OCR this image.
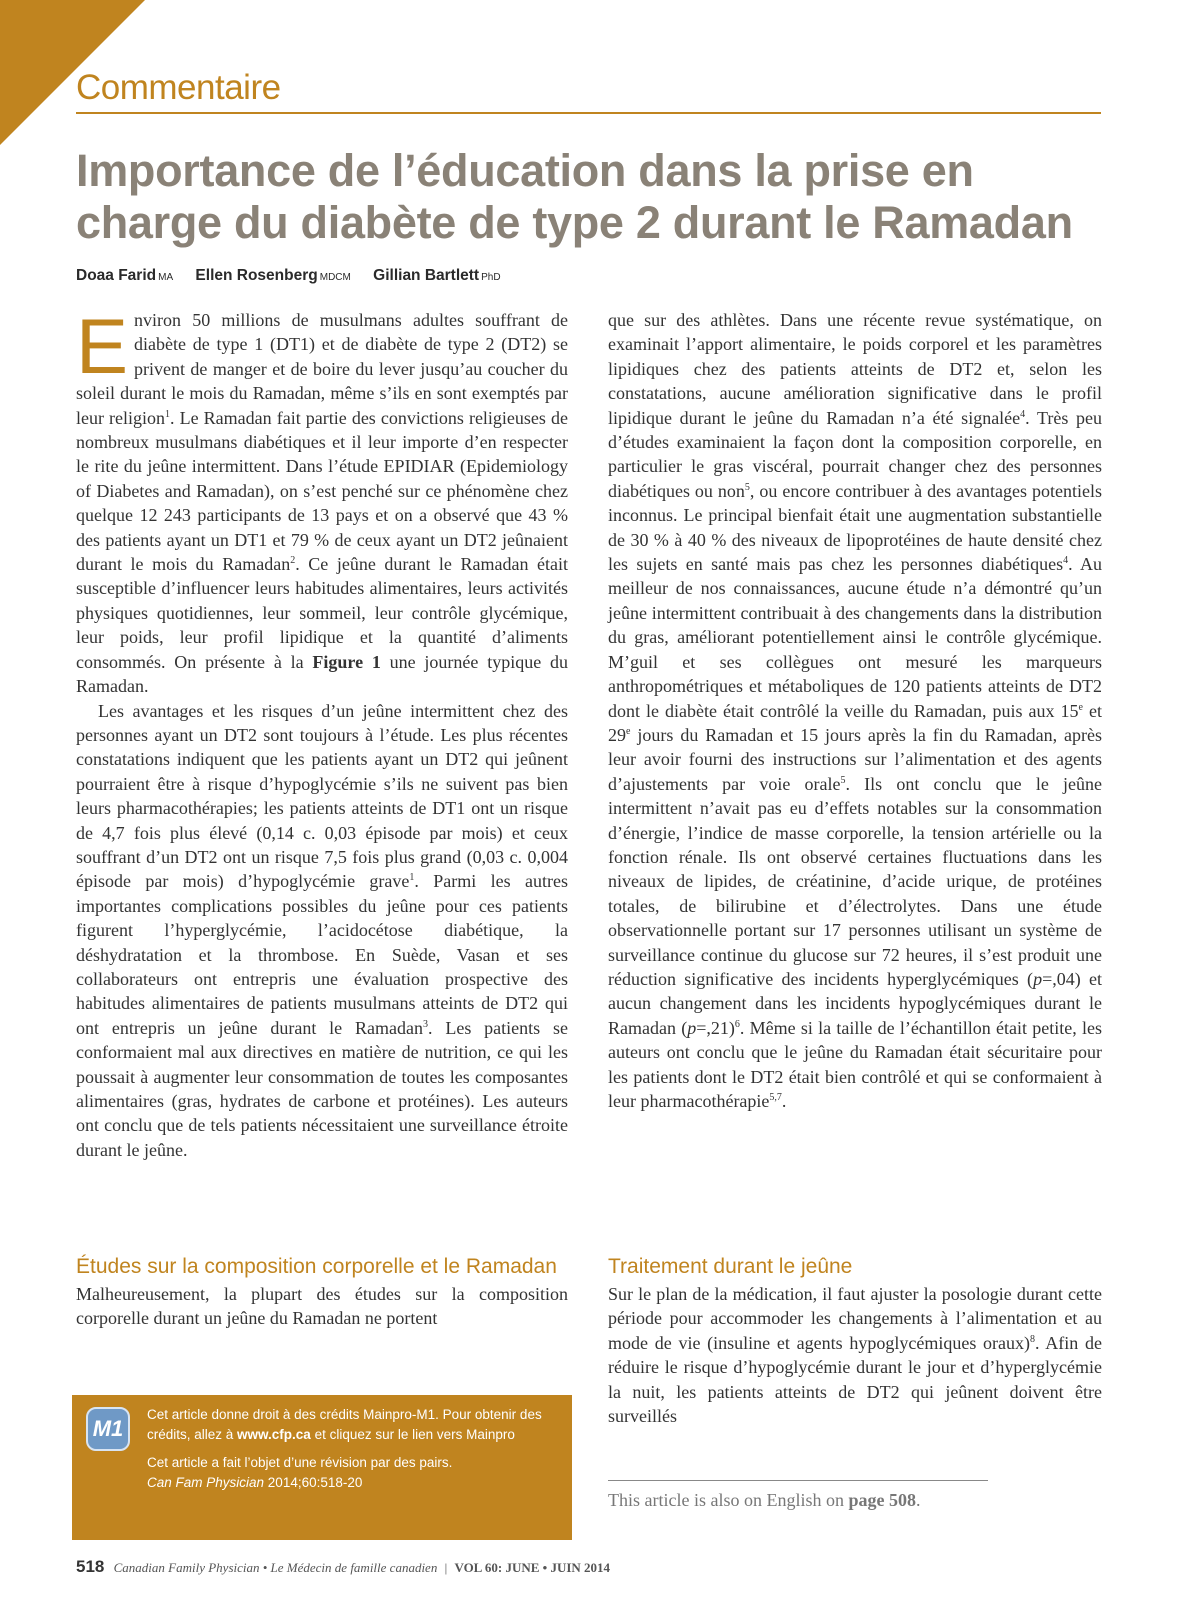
Commentaire
Importance de l’éducation dans la prise en charge du diabète de type 2 durant le Ramadan
Doaa Farid MA Ellen Rosenberg MDCM Gillian Bartlett PhD

Environ 50 millions de musulmans adultes souffrant de diabète de type 1 (DT1) et de diabète de type 2 (DT2) se privent de manger et de boire du lever jusqu’au coucher du soleil durant le mois du Ramadan, même s’ils en sont exemptés par leur religion$^1$. Le Ramadan fait partie des convictions religieuses de nombreux musulmans diabétiques et il leur importe d’en respecter le rite du jeûne intermittent. Dans l’étude EPIDIAR (Epidemiology of Diabetes and Ramadan), on s’est penché sur ce phénomène chez quelque 12 243 participants de 13 pays et on a observé que 43 % des patients ayant un DT1 et 79 % de ceux ayant un DT2 jeûnaient durant le mois du Ramadan$^2$. Ce jeûne durant le Ramadan était susceptible d’influencer leurs habitudes alimentaires, leurs activités physiques quotidiennes, leur sommeil, leur contrôle glycémique, leur poids, leur profil lipidique et la quantité d’aliments consommés. On présente à la Figure 1 une journée typique du Ramadan.

Les avantages et les risques d’un jeûne intermittent chez des personnes ayant un DT2 sont toujours à l’étude. Les plus récentes constatations indiquent que les patients ayant un DT2 qui jeûnent pourraient être à risque d’hypoglycémie s’ils ne suivent pas bien leurs pharmacothérapies; les patients atteints de DT1 ont un risque de 4,7 fois plus élevé (0,14 c. 0,03 épisode par mois) et ceux souffrant d’un DT2 ont un risque 7,5 fois plus grand (0,03 c. 0,004 épisode par mois) d’hypoglycémie grave$^1$. Parmi les autres importantes complications possibles du jeûne pour ces patients figurent l’hyperglycémie, l’acidocétose diabétique, la déshydratation et la thrombose. En Suède, Vasan et ses collaborateurs ont entrepris une évaluation prospective des habitudes alimentaires de patients musulmans atteints de DT2 qui ont entrepris un jeûne durant le Ramadan$^3$. Les patients se conformaient mal aux directives en matière de nutrition, ce qui les poussait à augmenter leur consommation de toutes les composantes alimentaires (gras, hydrates de carbone et protéines). Les auteurs ont conclu que de tels patients nécessitaient une surveillance étroite durant le jeûne.

Études sur la composition corporelle et le Ramadan
Malheureusement, la plupart des études sur la composition corporelle durant un jeûne du Ramadan ne portent
M1

Cet article donne droit à des crédits Mainpro-M1. Pour obtenir des crédits, allez à www.cfp.ca et cliquez sur le lien vers Mainpro

Cet article a fait l’objet d’une révision par des pairs.
Can Fam Physician 2014;60:518-20

que sur des athlètes. Dans une récente revue systématique, on examinait l’apport alimentaire, le poids corporel et les paramètres lipidiques chez des patients atteints de DT2 et, selon les constatations, aucune amélioration significative dans le profil lipidique durant le jeûne du Ramadan n’a été signalée$^4$. Très peu d’études examinaient la façon dont la composition corporelle, en particulier le gras viscéral, pourrait changer chez des personnes diabétiques ou non$^5$, ou encore contribuer à des avantages potentiels inconnus. Le principal bienfait était une augmentation substantielle de 30 % à 40 % des niveaux de lipoprotéines de haute densité chez les sujets en santé mais pas chez les personnes diabétiques$^4$. Au meilleur de nos connaissances, aucune étude n’a démontré qu’un jeûne intermittent contribuait à des changements dans la distribution du gras, améliorant potentiellement ainsi le contrôle glycémique. M’guil et ses collègues ont mesuré les marqueurs anthropométriques et métaboliques de 120 patients atteints de DT2 dont le diabète était contrôlé la veille du Ramadan, puis aux 15e et 29e jours du Ramadan et 15 jours après la fin du Ramadan, après leur avoir fourni des instructions sur l’alimentation et des agents d’ajustements par voie orale$^5$. Ils ont conclu que le jeûne intermittent n’avait pas eu d’effets notables sur la consommation d’énergie, l’indice de masse corporelle, la tension artérielle ou la fonction rénale. Ils ont observé certaines fluctuations dans les niveaux de lipides, de créatinine, d’acide urique, de protéines totales, de bilirubine et d’électrolytes. Dans une étude observationnelle portant sur 17 personnes utilisant un système de surveillance continue du glucose sur 72 heures, il s’est produit une réduction significative des incidents hyperglycémiques (p=,04) et aucun changement dans les incidents hypoglycémiques durant le Ramadan (p=,21)$^6$. Même si la taille de l’échantillon était petite, les auteurs ont conclu que le jeûne du Ramadan était sécuritaire pour les patients dont le DT2 était bien contrôlé et qui se conformaient à leur pharmacothérapie$^{5,7}$.

Traitement durant le jeûne
Sur le plan de la médication, il faut ajuster la posologie durant cette période pour accommoder les changements à l’alimentation et au mode de vie (insuline et agents hypoglycémiques oraux)$^8$. Afin de réduire le risque d’hypoglycémie durant le jour et d’hyperglycémie la nuit, les patients atteints de DT2 qui jeûnent doivent être surveillés
This article is also on English on page 508.
518 Canadian Family Physician • Le Médecin de famille canadien | VOL 60: JUNE • JUIN 2014
